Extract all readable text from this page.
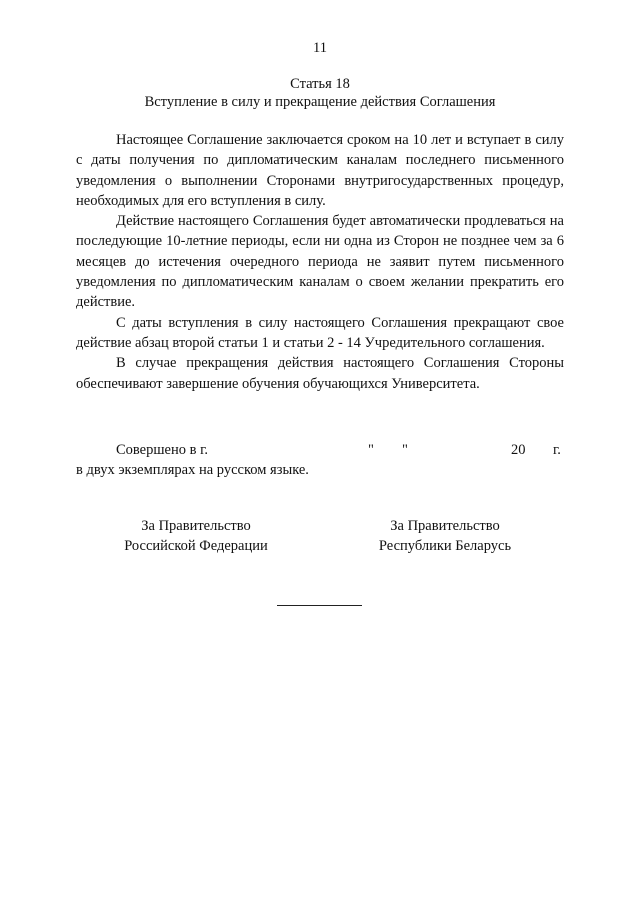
11
Статья 18
Вступление в силу и прекращение действия Соглашения

Настоящее Соглашение заключается сроком на 10 лет и вступает в силу с даты получения по дипломатическим каналам последнего письменного уведомления о выполнении Сторонами внутригосударственных процедур, необходимых для его вступления в силу.

Действие настоящего Соглашения будет автоматически продлеваться на последующие 10-летние периоды, если ни одна из Сторон не позднее чем за 6 месяцев до истечения очередного периода не заявит путем письменного уведомления по дипломатическим каналам о своем желании прекратить его действие.

С даты вступления в силу настоящего Соглашения прекращают свое действие абзац второй статьи 1 и статьи 2 - 14 Учредительного соглашения.

В случае прекращения действия настоящего Соглашения Стороны обеспечивают завершение обучения обучающихся Университета.

Совершено в г.	" "	20 г.
в двух экземплярах на русском языке.
За Правительство
Российской Федерации
За Правительство
Республики Беларусь
